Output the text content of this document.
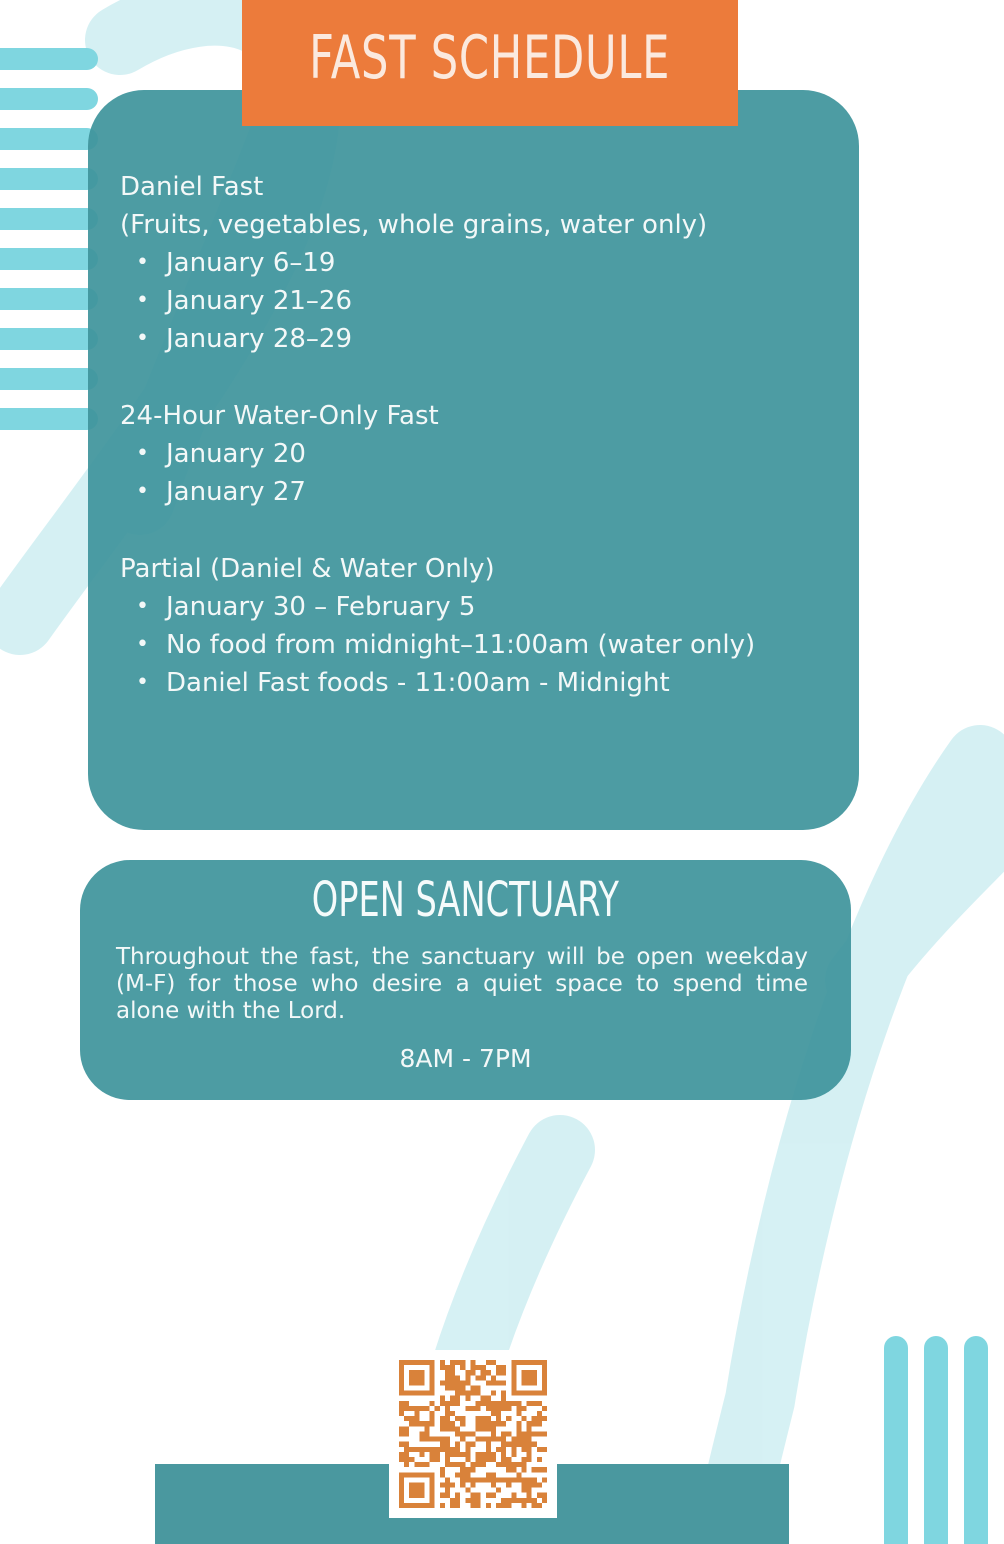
FAST SCHEDULE
Daniel Fast
(Fruits, vegetables, whole grains, water only)
• January 6–19
• January 21–26
• January 28–29
24-Hour Water-Only Fast
• January 20
• January 27
Partial (Daniel & Water Only)
• January 30 – February 5
• No food from midnight–11:00am (water only)
• Daniel Fast foods - 11:00am - Midnight
OPEN SANCTUARY
Throughout the fast, the sanctuary will be open weekday (M-F) for those who desire a quiet space to spend time alone with the Lord.
8AM - 7PM
